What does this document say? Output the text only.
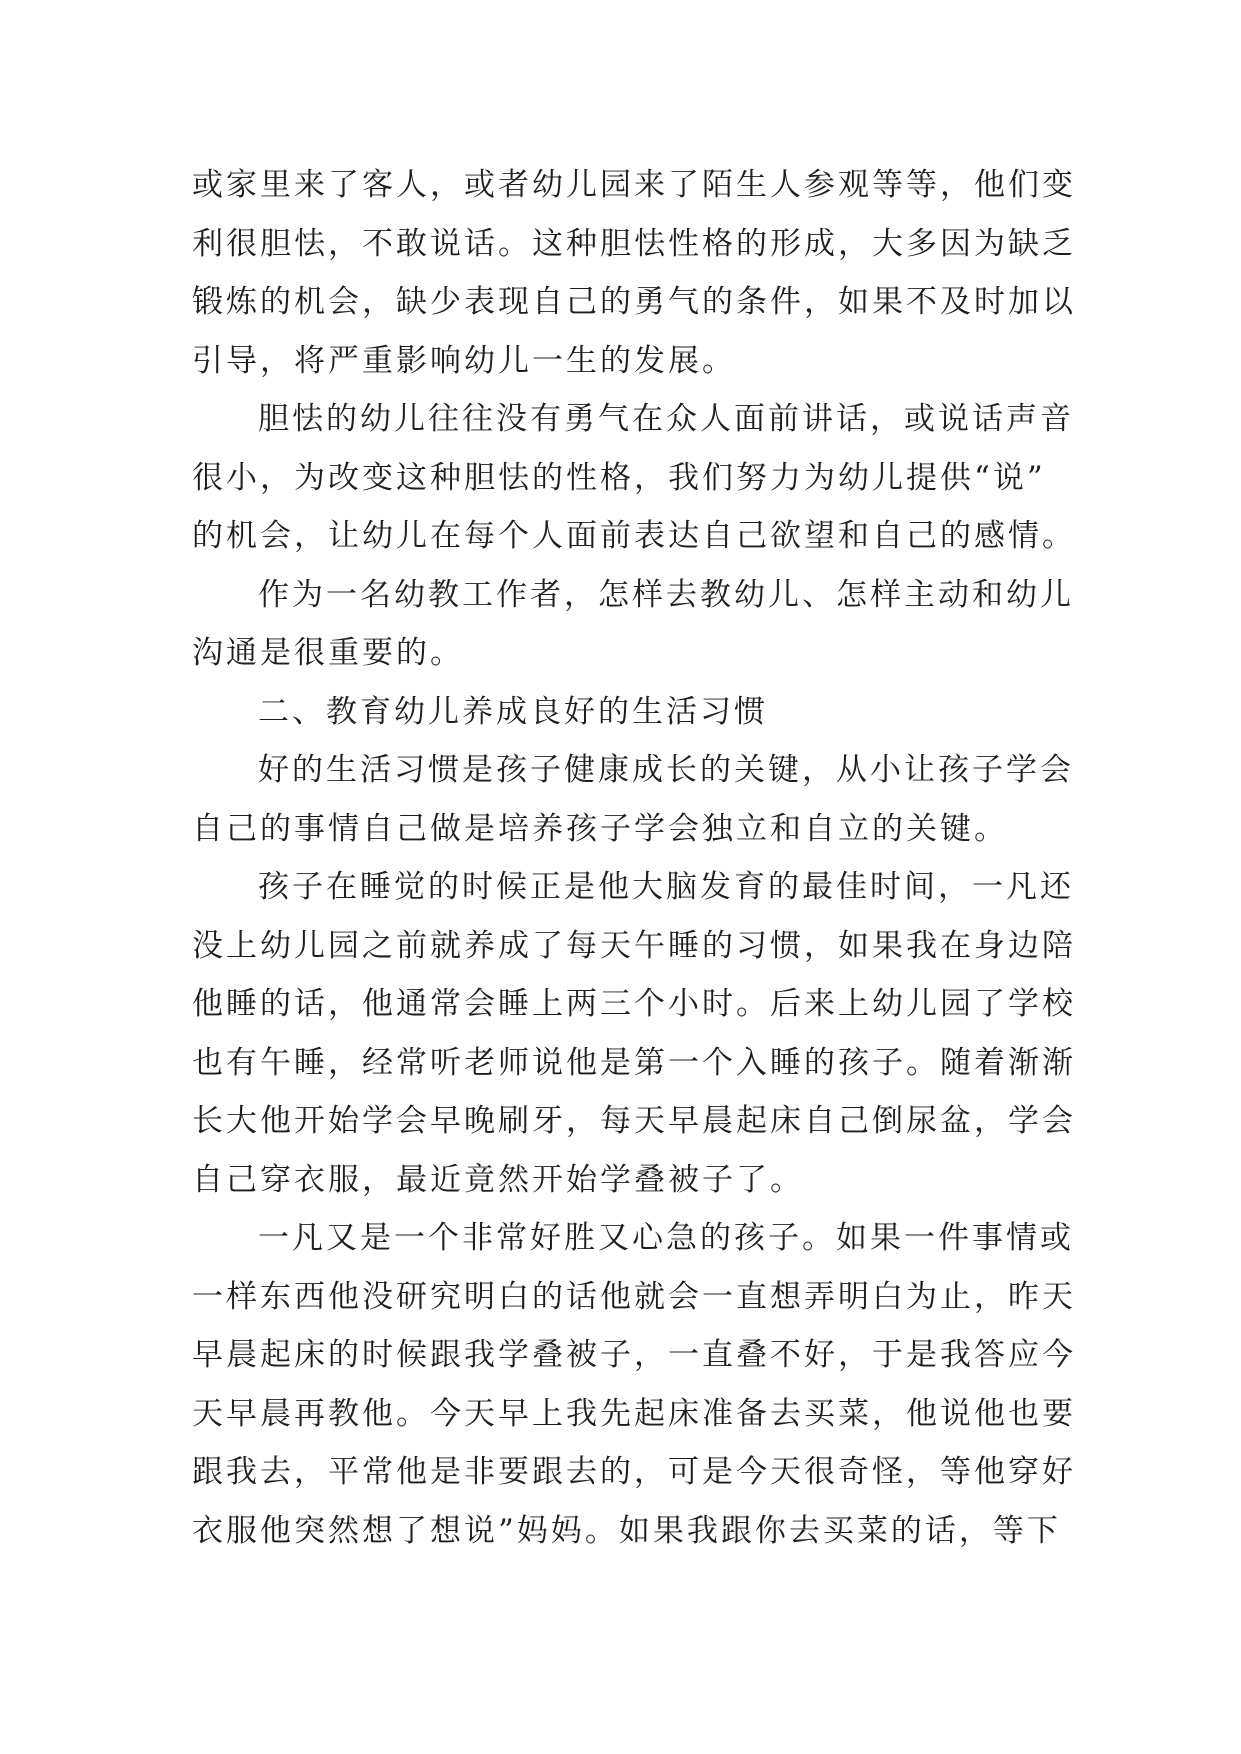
或家里来了客人，或者幼儿园来了陌生人参观等等，他们变
利很胆怯，不敢说话。这种胆怯性格的形成，大多因为缺乏
锻炼的机会，缺少表现自己的勇气的条件，如果不及时加以
引导，将严重影响幼儿一生的发展。
胆怯的幼儿往往没有勇气在众人面前讲话，或说话声音
很小，为改变这种胆怯的性格，我们努力为幼儿提供“说”
的机会，让幼儿在每个人面前表达自己欲望和自己的感情。
作为一名幼教工作者，怎样去教幼儿、怎样主动和幼儿
沟通是很重要的。
二、教育幼儿养成良好的生活习惯
好的生活习惯是孩子健康成长的关键，从小让孩子学会
自己的事情自己做是培养孩子学会独立和自立的关键。
孩子在睡觉的时候正是他大脑发育的最佳时间，一凡还
没上幼儿园之前就养成了每天午睡的习惯，如果我在身边陪
他睡的话，他通常会睡上两三个小时。后来上幼儿园了学校
也有午睡，经常听老师说他是第一个入睡的孩子。随着渐渐
长大他开始学会早晚刷牙，每天早晨起床自己倒尿盆，学会
自己穿衣服，最近竟然开始学叠被子了。
一凡又是一个非常好胜又心急的孩子。如果一件事情或
一样东西他没研究明白的话他就会一直想弄明白为止，昨天
早晨起床的时候跟我学叠被子，一直叠不好，于是我答应今
天早晨再教他。今天早上我先起床准备去买菜，他说他也要
跟我去，平常他是非要跟去的，可是今天很奇怪，等他穿好
衣服他突然想了想说”妈妈。如果我跟你去买菜的话，等下
